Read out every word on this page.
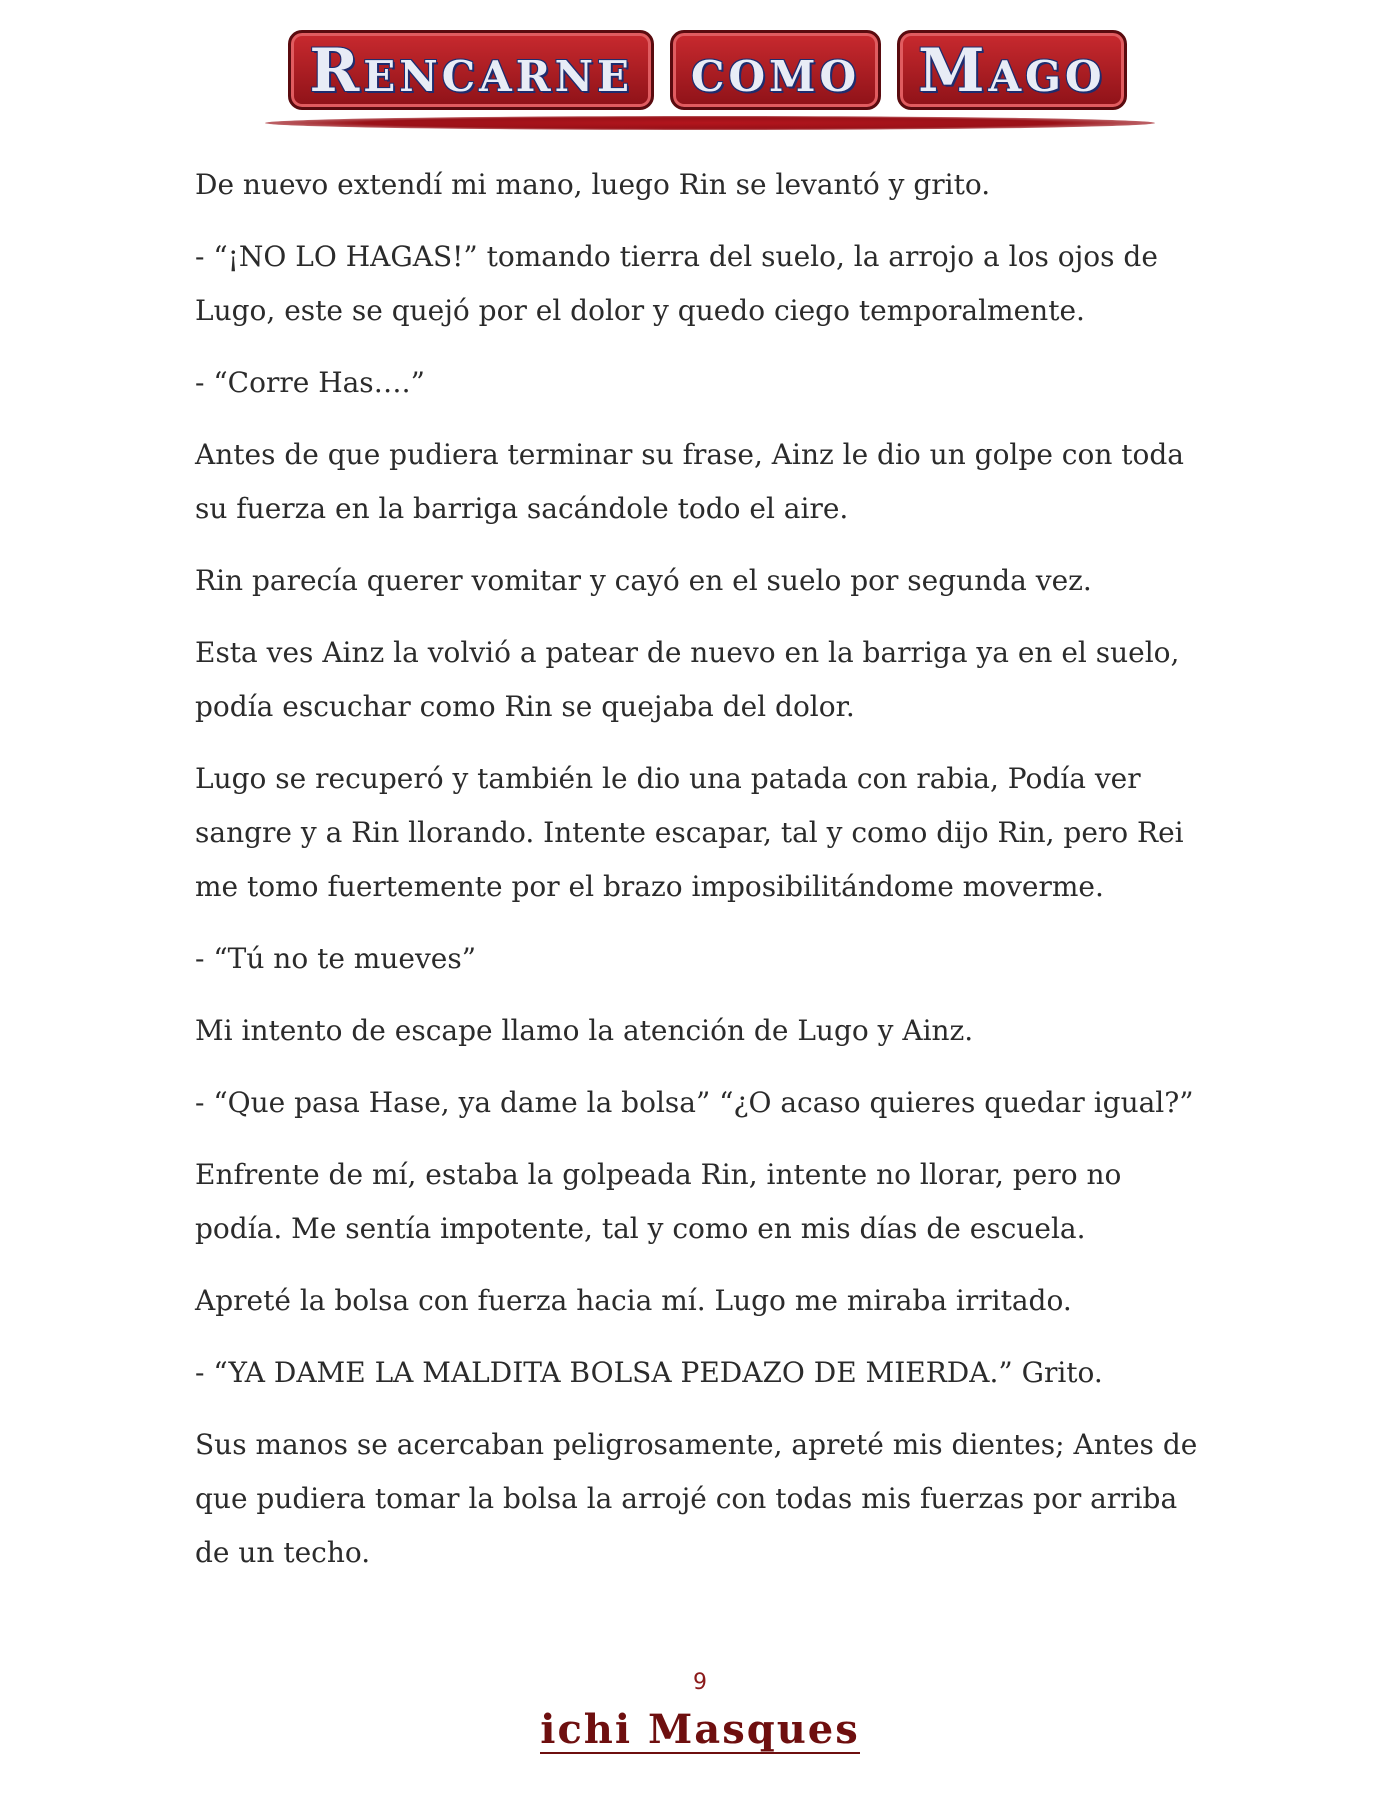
Rencarne como Mago

De nuevo extendí mi mano, luego Rin se levantó y grito.

- “¡NO LO HAGAS!” tomando tierra del suelo, la arrojo a los ojos de Lugo, este se quejó por el dolor y quedo ciego temporalmente.

- “Corre Has….”

Antes de que pudiera terminar su frase, Ainz le dio un golpe con toda su fuerza en la barriga sacándole todo el aire.

Rin parecía querer vomitar y cayó en el suelo por segunda vez.

Esta ves Ainz la volvió a patear de nuevo en la barriga ya en el suelo, podía escuchar como Rin se quejaba del dolor.

Lugo se recuperó y también le dio una patada con rabia, Podía ver sangre y a Rin llorando. Intente escapar, tal y como dijo Rin, pero Rei me tomo fuertemente por el brazo imposibilitándome moverme.

- “Tú no te mueves”

Mi intento de escape llamo la atención de Lugo y Ainz.

- “Que pasa Hase, ya dame la bolsa” “¿O acaso quieres quedar igual?”

Enfrente de mí, estaba la golpeada Rin, intente no llorar, pero no podía. Me sentía impotente, tal y como en mis días de escuela.

Apreté la bolsa con fuerza hacia mí. Lugo me miraba irritado.

- “YA DAME LA MALDITA BOLSA PEDAZO DE MIERDA.” Grito.

Sus manos se acercaban peligrosamente, apreté mis dientes; Antes de que pudiera tomar la bolsa la arrojé con todas mis fuerzas por arriba de un techo.

9
ichi Masques
